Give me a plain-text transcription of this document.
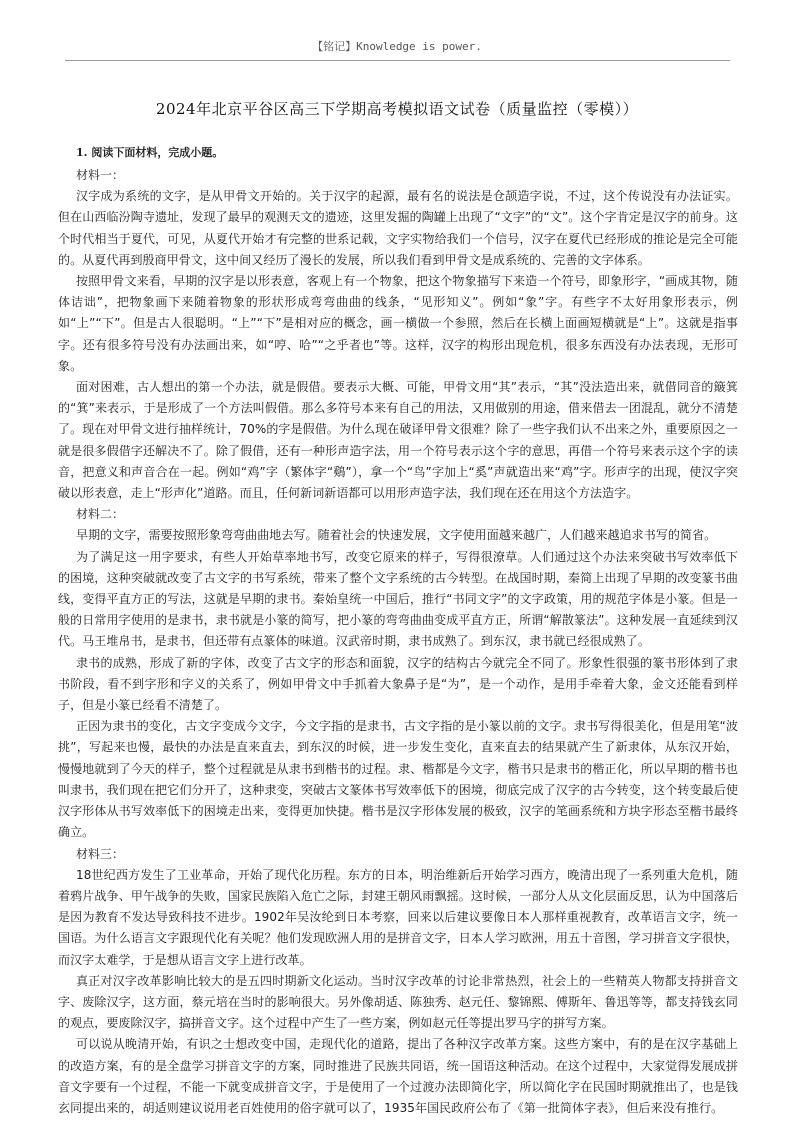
【铭记】Knowledge is power.
2024年北京平谷区高三下学期高考模拟语文试卷（质量监控（零模））
1. 阅读下面材料，完成小题。
材料一：

汉字成为系统的文字，是从甲骨文开始的。关于汉字的起源，最有名的说法是仓颉造字说，不过，这个传说没有办法证实。但在山西临汾陶寺遗址，发现了最早的观测天文的遗迹，这里发掘的陶罐上出现了“文字”的“文”。这个字肯定是汉字的前身。这个时代相当于夏代，可见，从夏代开始才有完整的世系记载，文字实物给我们一个信号，汉字在夏代已经形成的推论是完全可能的。从夏代再到殷商甲骨文，这中间又经历了漫长的发展，所以我们看到甲骨文是成系统的、完善的文字体系。

按照甲骨文来看，早期的汉字是以形表意，客观上有一个物象，把这个物象描写下来造一个符号，即象形字，“画成其物，随体诘诎”，把物象画下来随着物象的形状形成弯弯曲曲的线条，“见形知义”。例如“象”字。有些字不太好用象形表示，例如“上”“下”。但是古人很聪明。“上”“下”是相对应的概念，画一横做一个参照，然后在长横上面画短横就是“上”。这就是指事字。还有很多符号没有办法画出来，如“哼、哈”“之乎者也”等。这样，汉字的构形出现危机，很多东西没有办法表现，无形可象。

面对困难，古人想出的第一个办法，就是假借。要表示大概、可能，甲骨文用“其”表示，“其”没法造出来，就借同音的簸箕的“箕”来表示，于是形成了一个方法叫假借。那么多符号本来有自己的用法，又用做别的用途，借来借去一团混乱，就分不清楚了。现在对甲骨文进行抽样统计，70%的字是假借。为什么现在破译甲骨文很难？除了一些字我们认不出来之外，重要原因之一就是很多假借字还解决不了。除了假借，还有一种形声造字法，用一个符号表示这个字的意思，再借一个符号来表示这个字的读音，把意义和声音合在一起。例如“鸡”字（繁体字“鷄”），拿一个“鸟”字加上“奚”声就造出来“鸡”字。形声字的出现，使汉字突破以形表意，走上“形声化”道路。而且，任何新词新语都可以用形声造字法，我们现在还在用这个方法造字。

材料二：

早期的文字，需要按照形象弯弯曲曲地去写。随着社会的快速发展，文字使用面越来越广，人们越来越追求书写的简省。

为了满足这一用字要求，有些人开始草率地书写，改变它原来的样子，写得很潦草。人们通过这个办法来突破书写效率低下的困境，这种突破就改变了古文字的书写系统，带来了整个文字系统的古今转型。在战国时期，秦简上出现了早期的改变篆书曲线，变得平直方正的写法，这就是早期的隶书。秦始皇统一中国后，推行“书同文字”的文字政策，用的规范字体是小篆。但是一般的日常用字使用的是隶书，隶书就是小篆的简写，把小篆的弯弯曲曲变成平直方正，所谓“解散篆法”。这种发展一直延续到汉代。马王堆帛书，是隶书，但还带有点篆体的味道。汉武帝时期，隶书成熟了。到东汉，隶书就已经很成熟了。

隶书的成熟，形成了新的字体，改变了古文字的形态和面貌，汉字的结构古今就完全不同了。形象性很强的篆书形体到了隶书阶段，看不到字形和字义的关系了，例如甲骨文中手抓着大象鼻子是“为”，是一个动作，是用手牵着大象，金文还能看到样子，但是小篆已经看不清楚了。

正因为隶书的变化，古文字变成今文字，今文字指的是隶书，古文字指的是小篆以前的文字。隶书写得很美化，但是用笔“波挑”，写起来也慢，最快的办法是直来直去，到东汉的时候，进一步发生变化，直来直去的结果就产生了新隶体，从东汉开始，慢慢地就到了今天的样子，整个过程就是从隶书到楷书的过程。隶、楷都是今文字，楷书只是隶书的楷正化，所以早期的楷书也叫隶书，我们现在把它们分开了，这种隶变，突破古文篆体书写效率低下的困境，彻底完成了汉字的古今转变，这个转变最后使汉字形体从书写效率低下的困境走出来，变得更加快捷。楷书是汉字形体发展的极致，汉字的笔画系统和方块字形态至楷书最终确立。

材料三：

18世纪西方发生了工业革命，开始了现代化历程。东方的日本，明治维新后开始学习西方，晚清出现了一系列重大危机，随着鸦片战争、甲午战争的失败，国家民族陷入危亡之际，封建王朝风雨飘摇。这时候，一部分人从文化层面反思，认为中国落后是因为教育不发达导致科技不进步。1902年吴汝纶到日本考察，回来以后建议要像日本人那样重视教育，改革语言文字，统一国语。为什么语言文字跟现代化有关呢？他们发现欧洲人用的是拼音文字，日本人学习欧洲，用五十音图，学习拼音文字很快，而汉字太难学，于是想从语言文字上进行改革。

真正对汉字改革影响比较大的是五四时期新文化运动。当时汉字改革的讨论非常热烈，社会上的一些精英人物都支持拼音文字、废除汉字，这方面，蔡元培在当时的影响很大。另外像胡适、陈独秀、赵元任、黎锦熙、傅斯年、鲁迅等等，都支持钱玄同的观点，要废除汉字，搞拼音文字。这个过程中产生了一些方案，例如赵元任等提出罗马字的拼写方案。

可以说从晚清开始，有识之士想改变中国，走现代化的道路，提出了各种汉字改革方案。这些方案中，有的是在汉字基础上的改造方案，有的是全盘学习拼音文字的方案，同时推进了民族共同语，统一国语这种活动。在这个过程中，大家觉得发展成拼音文字要有一个过程，不能一下就变成拼音文字，于是使用了一个过渡办法即简化字，所以简化字在民国时期就推出了，也是钱玄同提出来的，胡适则建议说用老百姓使用的俗字就可以了，1935年国民政府公布了《第一批简体字表》，但后来没有推行。
